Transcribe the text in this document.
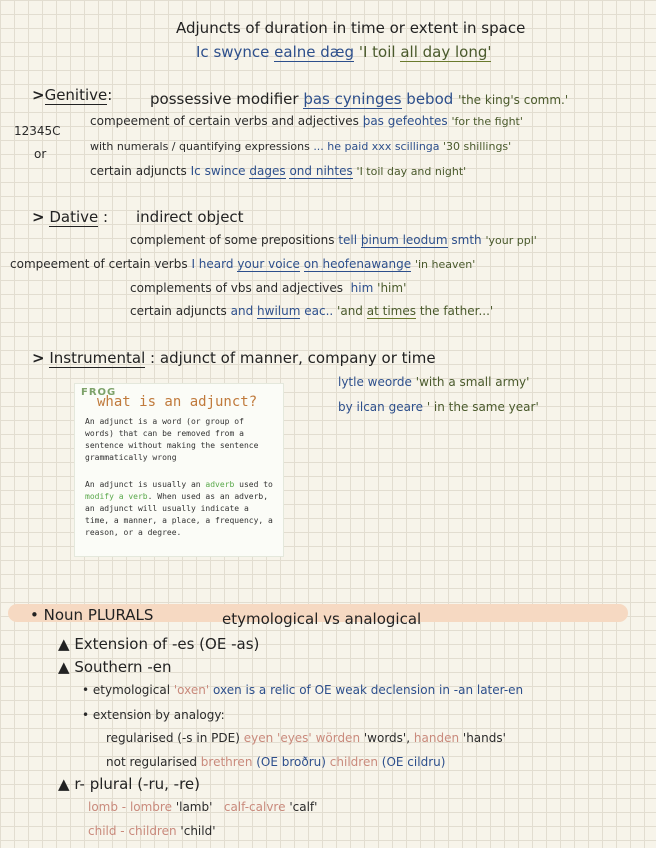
Adjuncts of duration in time or extent in space
Ic swynce ealne dæg 'I toil all day long'
>Genitive:	possessive modifier þas cyninges bebod 'the king's comm.'
12345C
or
compeement of certain verbs and adjectives þas gefeohtes 'for the fight'
with numerals / quantifying expressions ... he paid xxx scillinga '30 shillings'
certain adjuncts Ic swince dages ond nihtes 'I toil day and night'
> Dative : indirect object
complement of some prepositions tell þinum leodum smth 'your ppl'
compeement of certain verbs I heard your voice on heofenawange 'in heaven'
complements of vbs and adjectives him 'him'
certain adjuncts and hwilum eac.. 'and at times the father...'
> Instrumental : adjunct of manner, company or time
lytle weorde 'with a small army'
by ilcan geare ' in the same year'
FROG
what is an adjunct?
An adjunct is a word (or group of words) that can be removed from a sentence without making the sentence grammatically wrong
An adjunct is usually an adverb used to modify a verb. When used as an adverb, an adjunct will usually indicate a time, a manner, a place, a frequency, a reason, or a degree.
• Noun PLURALS	etymological vs analogical
▲ Extension of -es (OE -as)
▲ Southern -en
• etymological 'oxen' oxen is a relic of OE weak declension in -an later-en
• extension by analogy:
regularised (-s in PDE) eyen 'eyes' wörden 'words', handen 'hands'
not regularised brethren (OE broðru) children (OE cildru)
▲ r- plural (-ru, -re)
lomb - lombre 'lamb' calf-calvre 'calf'
child - children 'child'
